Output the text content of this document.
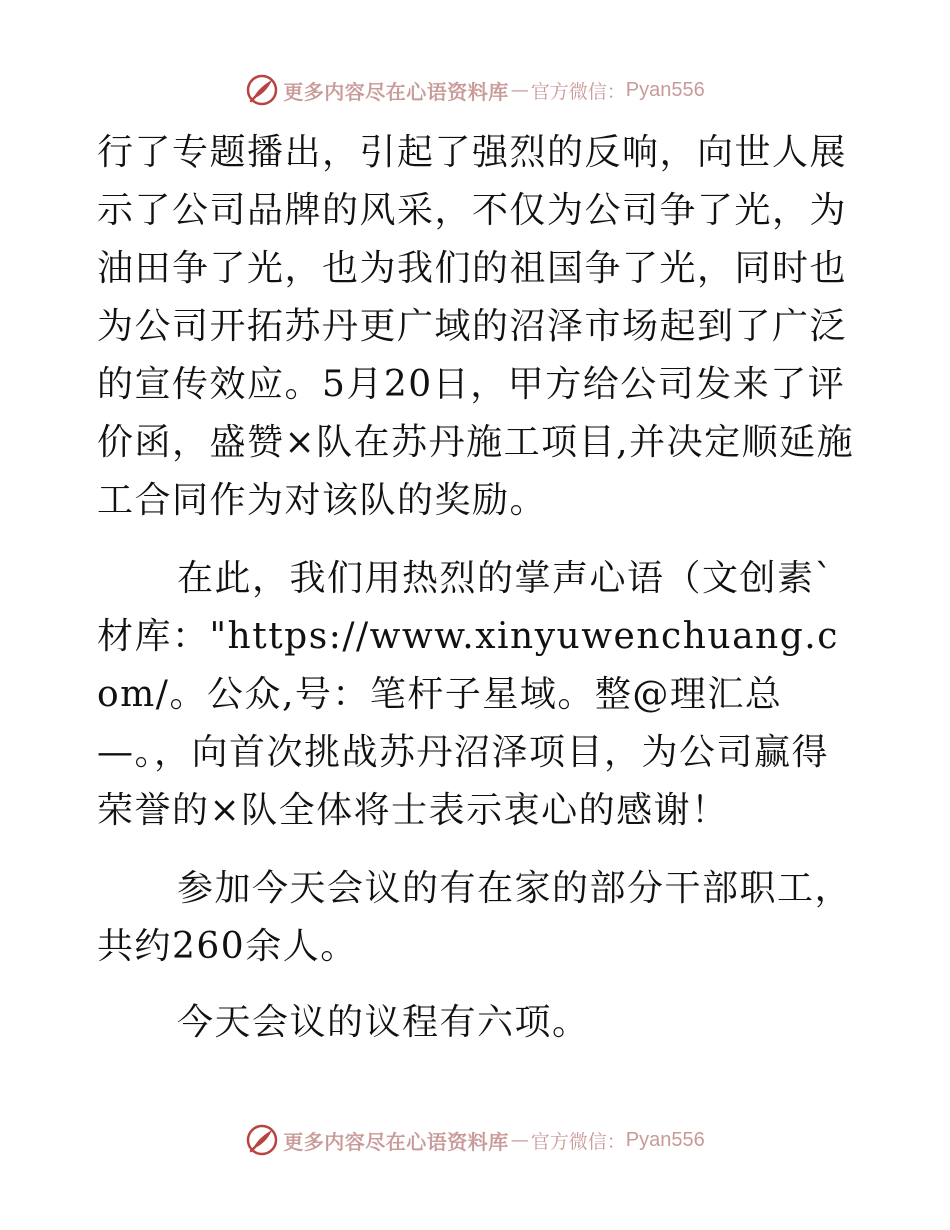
更多内容尽在心语资料库 — 官方微信： Pyan556

行了专题播出，引起了强烈的反响，向世人展示了公司品牌的风采，不仅为公司争了光，为油田争了光，也为我们的祖国争了光，同时也为公司开拓苏丹更广域的沼泽市场起到了广泛的宣传效应。5月20日，甲方给公司发来了评价函，盛赞×队在苏丹施工项目,并决定顺延施工合同作为对该队的奖励。

在此，我们用热烈的掌声心语（文创素`材库："https://www.xinyuwenchuang.com/。公众,号：笔杆子星域。整@理汇总—。，向首次挑战苏丹沼泽项目，为公司赢得荣誉的×队全体将士表示衷心的感谢！

参加今天会议的有在家的部分干部职工，共约260余人。

今天会议的议程有六项。

更多内容尽在心语资料库 — 官方微信： Pyan556
